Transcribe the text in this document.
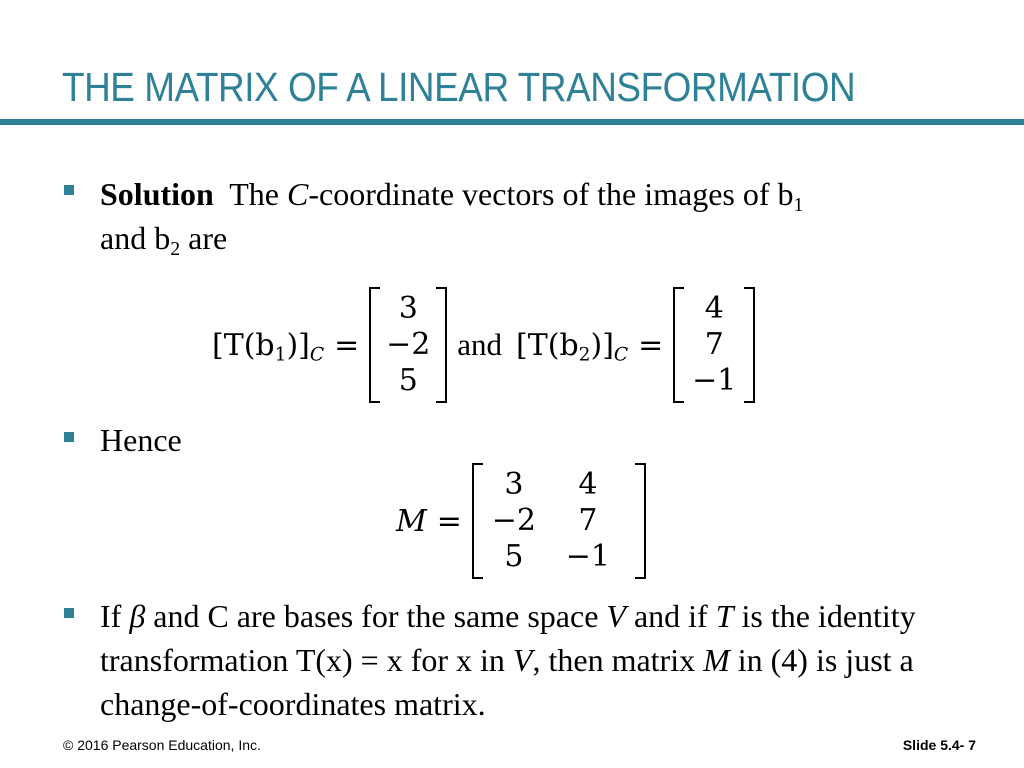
THE MATRIX OF A LINEAR TRANSFORMATION
Solution  The C-coordinate vectors of the images of $b_1$
and $b_2$ are
$[T(b_1)]_C$ =
3
−2
5
and $[T(b_2)]_C$ =
4
7
−1
Hence
M =
3	4
−2	7
5	−1
If β and C are bases for the same space V and if T is the identity transformation T(x) = x for x in V, then matrix M in (4) is just a change-of-coordinates matrix.
© 2016 Pearson Education, Inc.	Slide 5.4- 7
